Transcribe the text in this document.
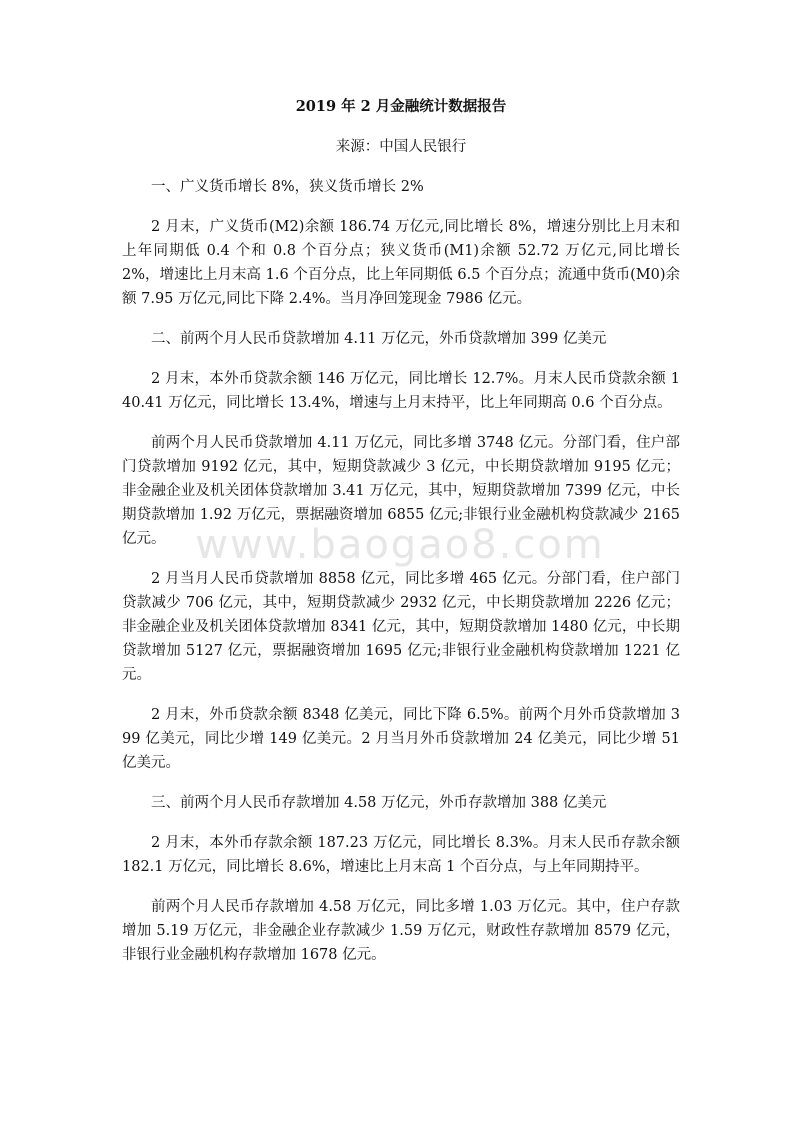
www.baogao8.com

2019 年 2 月金融统计数据报告

来源：中国人民银行

一、广义货币增长 8%，狭义货币增长 2%

2 月末，广义货币(M2)余额 186.74 万亿元,同比增长 8%，增速分别比上月末和上年同期低 0.4 个和 0.8 个百分点；狭义货币(M1)余额 52.72 万亿元,同比增长 2%，增速比上月末高 1.6 个百分点，比上年同期低 6.5 个百分点；流通中货币(M0)余额 7.95 万亿元,同比下降 2.4%。当月净回笼现金 7986 亿元。

二、前两个月人民币贷款增加 4.11 万亿元，外币贷款增加 399 亿美元

2 月末，本外币贷款余额 146 万亿元，同比增长 12.7%。月末人民币贷款余额 140.41 万亿元，同比增长 13.4%，增速与上月末持平，比上年同期高 0.6 个百分点。

前两个月人民币贷款增加 4.11 万亿元，同比多增 3748 亿元。分部门看，住户部门贷款增加 9192 亿元，其中，短期贷款减少 3 亿元，中长期贷款增加 9195 亿元；非金融企业及机关团体贷款增加 3.41 万亿元，其中，短期贷款增加 7399 亿元，中长期贷款增加 1.92 万亿元，票据融资增加 6855 亿元;非银行业金融机构贷款减少 2165 亿元。

2 月当月人民币贷款增加 8858 亿元，同比多增 465 亿元。分部门看，住户部门贷款减少 706 亿元，其中，短期贷款减少 2932 亿元，中长期贷款增加 2226 亿元；非金融企业及机关团体贷款增加 8341 亿元，其中，短期贷款增加 1480 亿元，中长期贷款增加 5127 亿元，票据融资增加 1695 亿元;非银行业金融机构贷款增加 1221 亿元。

2 月末，外币贷款余额 8348 亿美元，同比下降 6.5%。前两个月外币贷款增加 399 亿美元，同比少增 149 亿美元。2 月当月外币贷款增加 24 亿美元，同比少增 51 亿美元。

三、前两个月人民币存款增加 4.58 万亿元，外币存款增加 388 亿美元

2 月末，本外币存款余额 187.23 万亿元，同比增长 8.3%。月末人民币存款余额 182.1 万亿元，同比增长 8.6%，增速比上月末高 1 个百分点，与上年同期持平。

前两个月人民币存款增加 4.58 万亿元，同比多增 1.03 万亿元。其中，住户存款增加 5.19 万亿元，非金融企业存款减少 1.59 万亿元，财政性存款增加 8579 亿元，非银行业金融机构存款增加 1678 亿元。
